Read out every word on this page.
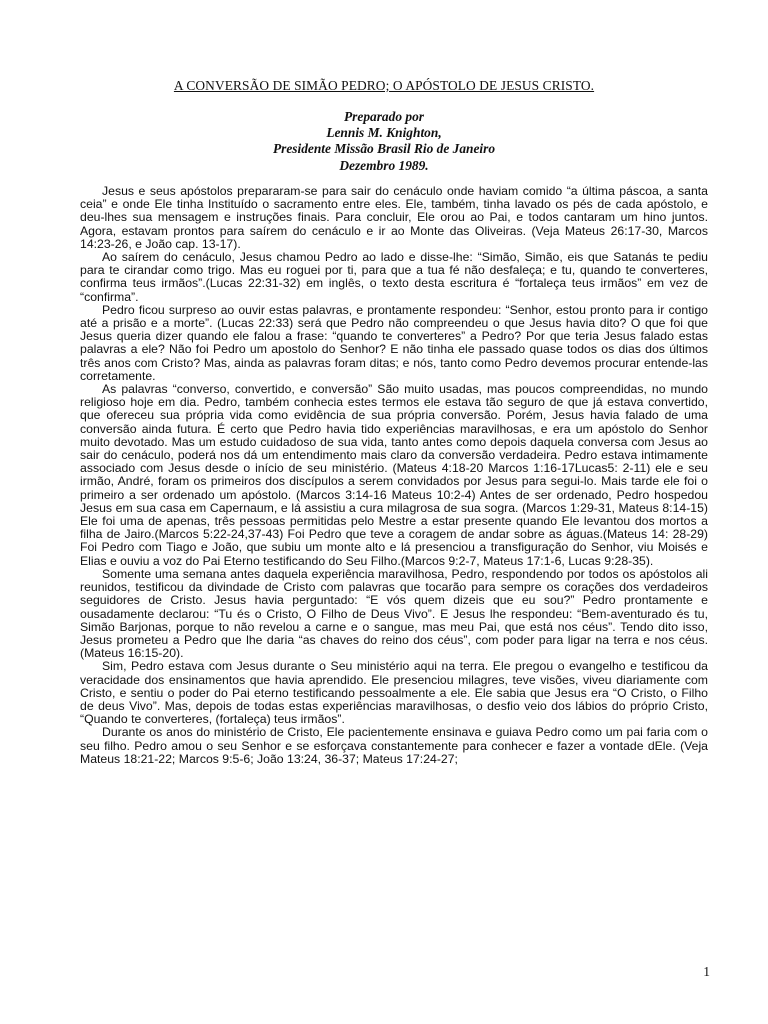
A CONVERSÃO DE SIMÃO PEDRO; O APÓSTOLO DE JESUS CRISTO.
Preparado por
Lennis M. Knighton,
Presidente Missão Brasil Rio de Janeiro
Dezembro 1989.

Jesus e seus apóstolos prepararam-se para sair do cenáculo onde haviam comido “a última páscoa, a santa ceia” e onde Ele tinha Instituído o sacramento entre eles. Ele, também, tinha lavado os pés de cada apóstolo, e deu-lhes sua mensagem e instruções finais. Para concluir, Ele orou ao Pai, e todos cantaram um hino juntos. Agora, estavam prontos para saírem do cenáculo e ir ao Monte das Oliveiras. (Veja Mateus 26:17-30, Marcos 14:23-26, e João cap. 13-17).

Ao saírem do cenáculo, Jesus chamou Pedro ao lado e disse-lhe: “Simão, Simão, eis que Satanás te pediu para te cirandar como trigo. Mas eu roguei por ti, para que a tua fé não desfaleça; e tu, quando te converteres, confirma teus irmãos”.(Lucas 22:31-32) em inglês, o texto desta escritura é “fortaleça teus irmãos” em vez de “confirma”.

Pedro ficou surpreso ao ouvir estas palavras, e prontamente respondeu: “Senhor, estou pronto para ir contigo até a prisão e a morte”. (Lucas 22:33) será que Pedro não compreendeu o que Jesus havia dito? O que foi que Jesus queria dizer quando ele falou a frase: “quando te converteres” a Pedro? Por que teria Jesus falado estas palavras a ele? Não foi Pedro um apostolo do Senhor? E não tinha ele passado quase todos os dias dos últimos três anos com Cristo? Mas, ainda as palavras foram ditas; e nós, tanto como Pedro devemos procurar entende-las corretamente.

As palavras “converso, convertido, e conversão” São muito usadas, mas poucos compreendidas, no mundo religioso hoje em dia. Pedro, também conhecia estes termos ele estava tão seguro de que já estava convertido, que ofereceu sua própria vida como evidência de sua própria conversão. Porém, Jesus havia falado de uma conversão ainda futura. É certo que Pedro havia tido experiências maravilhosas, e era um apóstolo do Senhor muito devotado. Mas um estudo cuidadoso de sua vida, tanto antes como depois daquela conversa com Jesus ao sair do cenáculo, poderá nos dá um entendimento mais claro da conversão verdadeira. Pedro estava intimamente associado com Jesus desde o início de seu ministério. (Mateus 4:18-20 Marcos 1:16-17Lucas5: 2-11) ele e seu irmão, André, foram os primeiros dos discípulos a serem convidados por Jesus para segui-lo. Mais tarde ele foi o primeiro a ser ordenado um apóstolo. (Marcos 3:14-16 Mateus 10:2-4) Antes de ser ordenado, Pedro hospedou Jesus em sua casa em Capernaum, e lá assistiu a cura milagrosa de sua sogra. (Marcos 1:29-31, Mateus 8:14-15) Ele foi uma de apenas, três pessoas permitidas pelo Mestre a estar presente quando Ele levantou dos mortos a filha de Jairo.(Marcos 5:22-24,37-43) Foi Pedro que teve a coragem de andar sobre as águas.(Mateus 14: 28-29) Foi Pedro com Tiago e João, que subiu um monte alto e lá presenciou a transfiguração do Senhor, viu Moisés e Elias e ouviu a voz do Pai Eterno testificando do Seu Filho.(Marcos 9:2-7, Mateus 17:1-6, Lucas 9:28-35).

Somente uma semana antes daquela experiência maravilhosa, Pedro, respondendo por todos os apóstolos ali reunidos, testificou da divindade de Cristo com palavras que tocarão para sempre os corações dos verdadeiros seguidores de Cristo. Jesus havia perguntado: “E vós quem dizeis que eu sou?” Pedro prontamente e ousadamente declarou: “Tu és o Cristo, O Filho de Deus Vivo”. E Jesus lhe respondeu: “Bem-aventurado és tu, Simão Barjonas, porque to não revelou a carne e o sangue, mas meu Pai, que está nos céus”. Tendo dito isso, Jesus prometeu a Pedro que lhe daria “as chaves do reino dos céus”, com poder para ligar na terra e nos céus. (Mateus 16:15-20).

Sim, Pedro estava com Jesus durante o Seu ministério aqui na terra. Ele pregou o evangelho e testificou da veracidade dos ensinamentos que havia aprendido. Ele presenciou milagres, teve visões, viveu diariamente com Cristo, e sentiu o poder do Pai eterno testificando pessoalmente a ele. Ele sabia que Jesus era “O Cristo, o Filho de deus Vivo”. Mas, depois de todas estas experiências maravilhosas, o desfio veio dos lábios do próprio Cristo, “Quando te converteres, (fortaleça) teus irmãos”.

Durante os anos do ministério de Cristo, Ele pacientemente ensinava e guiava Pedro como um pai faria com o seu filho. Pedro amou o seu Senhor e se esforçava constantemente para conhecer e fazer a vontade dEle. (Veja Mateus 18:21-22; Marcos 9:5-6; João 13:24, 36-37; Mateus 17:24-27;

1
